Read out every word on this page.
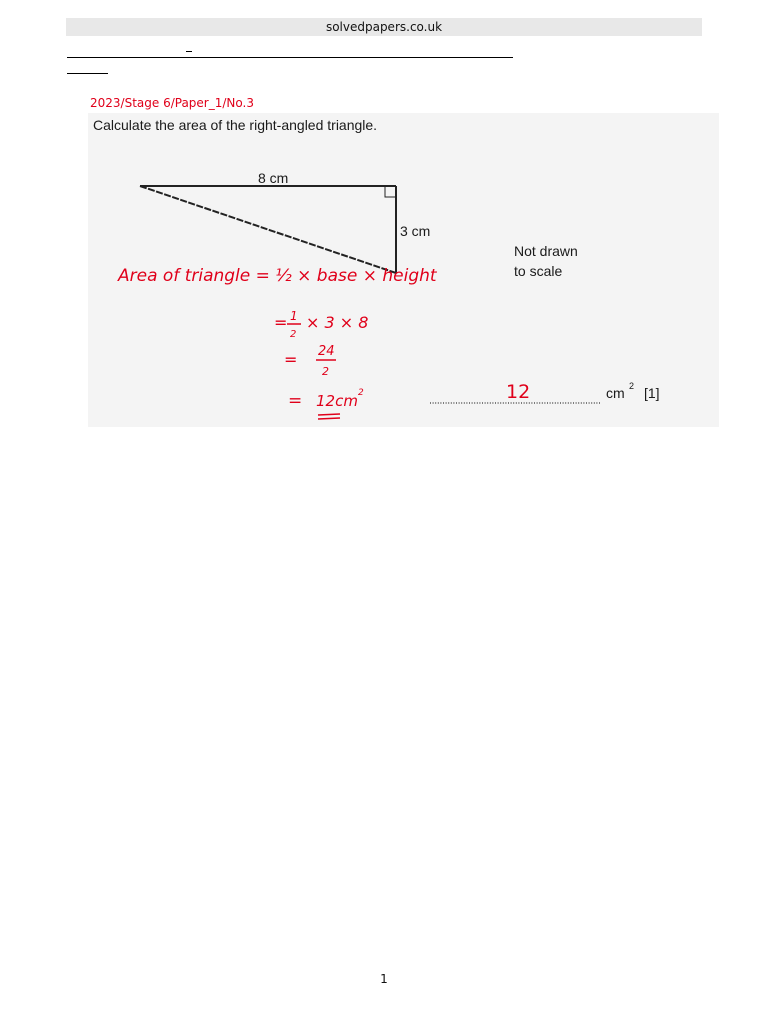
solvedpapers.co.uk
2023/Stage 6/Paper_1/No.3
Calculate the area of the right-angled triangle.
8 cm
3 cm
Not drawn
to scale
Area of triangle = ½ × base × height
= 1
2
× 3 × 8
= 24
2
= 12cm 2	12	cm 2 [1]
1
